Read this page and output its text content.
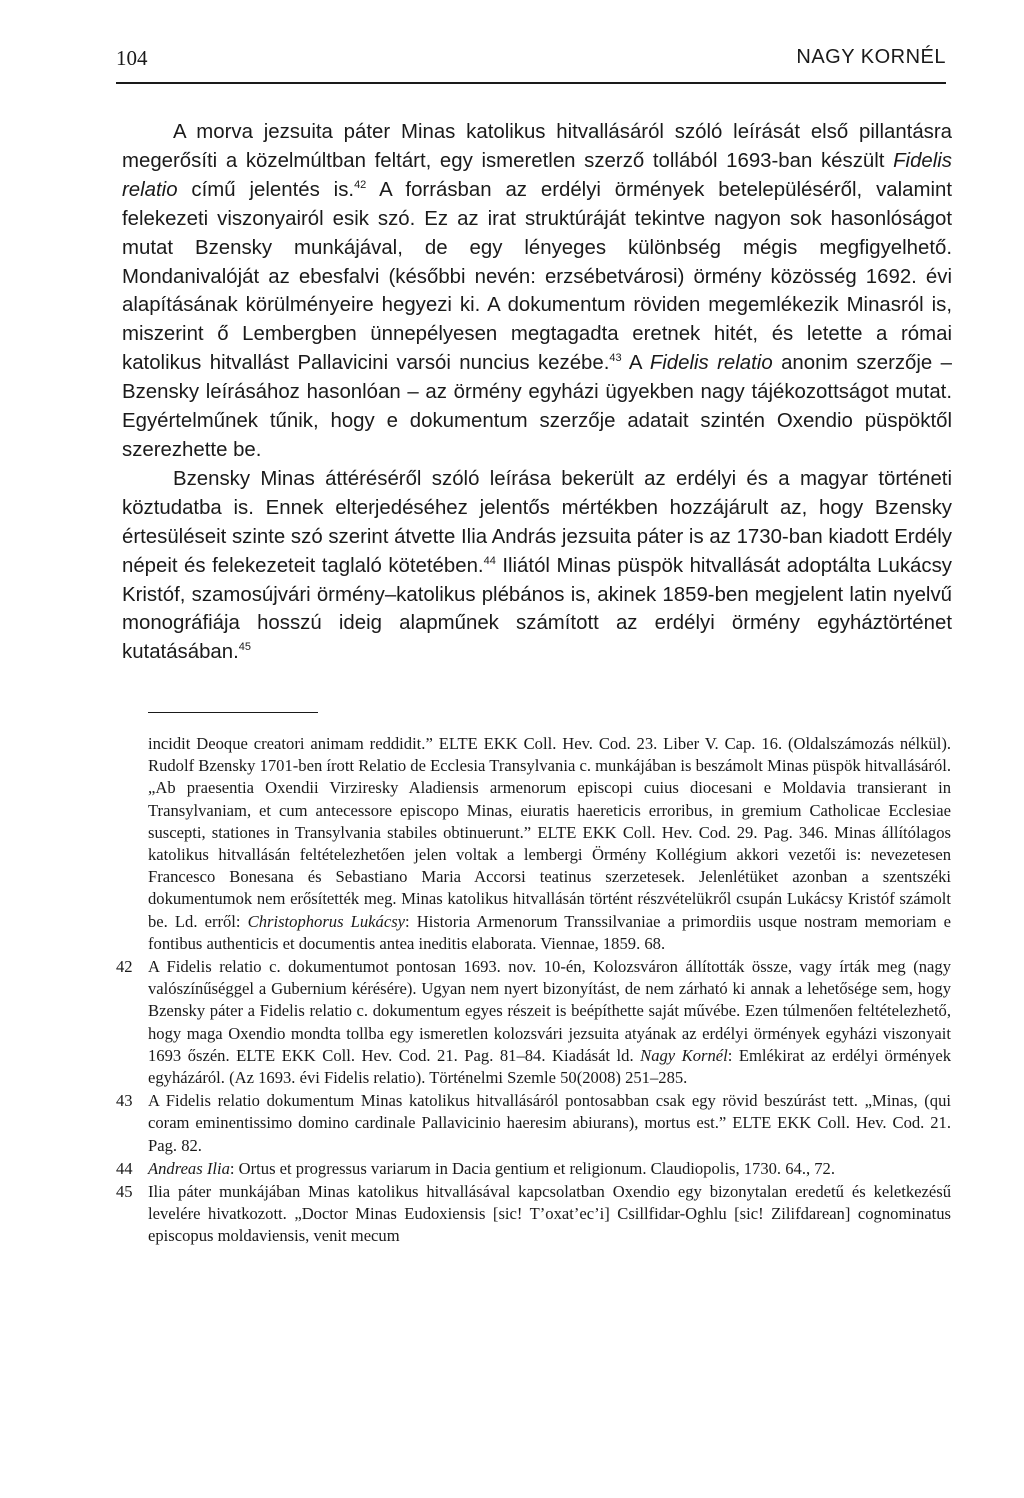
104	NAGY KORNÉL

A morva jezsuita páter Minas katolikus hitvallásáról szóló leírását első pillantásra megerősíti a közelmúltban feltárt, egy ismeretlen szerző tollából 1693-ban készült Fidelis relatio című jelentés is.$^{42}$ A forrásban az erdélyi örmények betelepüléséről, valamint felekezeti viszonyairól esik szó. Ez az irat struktúráját tekintve nagyon sok hasonlóságot mutat Bzensky munkájával, de egy lényeges különbség mégis megfigyelhető. Mondanivalóját az ebesfalvi (későbbi nevén: erzsébetvárosi) örmény közösség 1692. évi alapításának körülményeire hegyezi ki. A dokumentum röviden megemlékezik Minasról is, miszerint ő Lembergben ünnepélyesen megtagadta eretnek hitét, és letette a római katolikus hitvallást Pallavicini varsói nuncius kezébe.$^{43}$ A Fidelis relatio anonim szerzője – Bzensky leírásához hasonlóan – az örmény egyházi ügyekben nagy tájékozottságot mutat. Egyértelműnek tűnik, hogy e dokumentum szerzője adatait szintén Oxendio püspöktől szerezhette be.

Bzensky Minas áttéréséről szóló leírása bekerült az erdélyi és a magyar történeti köztudatba is. Ennek elterjedéséhez jelentős mértékben hozzájárult az, hogy Bzensky értesüléseit szinte szó szerint átvette Ilia András jezsuita páter is az 1730-ban kiadott Erdély népeit és felekezeteit taglaló kötetében.$^{44}$ Iliától Minas püspök hitvallását adoptálta Lukácsy Kristóf, szamosújvári örmény–katolikus plébános is, akinek 1859-ben megjelent latin nyelvű monográfiája hosszú ideig alapműnek számított az erdélyi örmény egyháztörténet kutatásában.$^{45}$

incidit Deoque creatori animam reddidit.” ELTE EKK Coll. Hev. Cod. 23. Liber V. Cap. 16. (Oldalszámozás nélkül). Rudolf Bzensky 1701-ben írott Relatio de Ecclesia Transylvania c. munkájában is beszámolt Minas püspök hitvallásáról. „Ab praesentia Oxendii Virziresky Aladiensis armenorum episcopi cuius diocesani e Moldavia transierant in Transylvaniam, et cum antecessore episcopo Minas, eiuratis haereticis erroribus, in gremium Catholicae Ecclesiae suscepti, stationes in Transylvania stabiles obtinuerunt.” ELTE EKK Coll. Hev. Cod. 29. Pag. 346. Minas állítólagos katolikus hitvallásán feltételezhetően jelen voltak a lembergi Örmény Kollégium akkori vezetői is: nevezetesen Francesco Bonesana és Sebastiano Maria Accorsi teatinus szerzetesek. Jelenlétüket azonban a szentszéki dokumentumok nem erősítették meg. Minas katolikus hitvallásán történt részvételükről csupán Lukácsy Kristóf számolt be. Ld. erről: Christophorus Lukácsy: Historia Armenorum Transsilvaniae a primordiis usque nostram memoriam e fontibus authenticis et documentis antea ineditis elaborata. Viennae, 1859. 68.

42 A Fidelis relatio c. dokumentumot pontosan 1693. nov. 10-én, Kolozsváron állították össze, vagy írták meg (nagy valószínűséggel a Gubernium kérésére). Ugyan nem nyert bizonyítást, de nem zárható ki annak a lehetősége sem, hogy Bzensky páter a Fidelis relatio c. dokumentum egyes részeit is beépíthette saját művébe. Ezen túlmenően feltételezhető, hogy maga Oxendio mondta tollba egy ismeretlen kolozsvári jezsuita atyának az erdélyi örmények egyházi viszonyait 1693 őszén. ELTE EKK Coll. Hev. Cod. 21. Pag. 81–84. Kiadását ld. Nagy Kornél: Emlékirat az erdélyi örmények egyházáról. (Az 1693. évi Fidelis relatio). Történelmi Szemle 50(2008) 251–285.

43 A Fidelis relatio dokumentum Minas katolikus hitvallásáról pontosabban csak egy rövid beszúrást tett. „Minas, (qui coram eminentissimo domino cardinale Pallavicinio haeresim abiurans), mortus est.” ELTE EKK Coll. Hev. Cod. 21. Pag. 82.

44 Andreas Ilia: Ortus et progressus variarum in Dacia gentium et religionum. Claudiopolis, 1730. 64., 72.

45 Ilia páter munkájában Minas katolikus hitvallásával kapcsolatban Oxendio egy bizonytalan eredetű és keletkezésű levelére hivatkozott. „Doctor Minas Eudoxiensis [sic! T’oxat’ec’i] Csillfidar-Oghlu [sic! Zilifdarean] cognominatus episcopus moldaviensis, venit mecum
